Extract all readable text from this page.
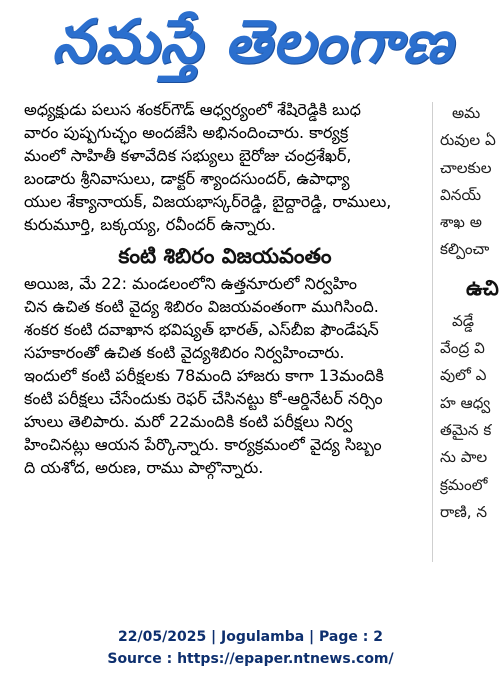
నమస్తే తెలంగాణ
అధ్యక్షుడు పలుస శంకర్‌గౌడ్ ఆధ్వర్యంలో శేషిరెడ్డికి బుధ
వారం పుష్పగుచ్ఛం అందజేసి అభినందించారు. కార్యక్ర
మంలో సాహితీ కళావేదిక సభ్యులు బైరోజు చంద్రశేఖర్,
బండారు శ్రీనివాసులు, డాక్టర్ శ్యాందసుందర్, ఉపాధ్యా
యుల శేక్యానాయక్, విజయభాస్కర్‌రెడ్డి, బైద్దారెడ్డి, రాములు,
కురుమూర్తి, బక్కయ్య, రవీందర్ ఉన్నారు.
కంటి శిబిరం విజయవంతం
అయిజ, మే 22: మండలంలోని ఉత్తనూరులో నిర్వహిం
చిన ఉచిత కంటి వైద్య శిబిరం విజయవంతంగా ముగిసింది.
శంకర కంటి దవాఖాన భవిష్యత్ భారత్, ఎస్‌బీఐ ఫౌండేషన్
సహకారంతో ఉచిత కంటి వైద్యశిబిరం నిర్వహించారు.
ఇందులో కంటి పరీక్షలకు 78మంది హాజరు కాగా 13మందికి
కంటి పరీక్షలు చేసేందుకు రెఫర్ చేసినట్టు కో-ఆర్డినేటర్ నర్సిం
హులు తెలిపారు. మరో 22మందికి కంటి పరీక్షలు నిర్వ
హించినట్లు ఆయన పేర్కొన్నారు. కార్యక్రమంలో వైద్య సిబ్బం
ది యశోద, అరుణ, రాము పాల్గొన్నారు.
అమ
రువుల ఏ
చాలకుల
వినయ్
శాఖ అ
కల్పించా
ఉచి
వడ్డే
వేంద్ర వి
వులో ఎ
హ ఆధ్వ
తమైన క
ను పాల
క్రమంలో
రాణి, న
22/05/2025 | Jogulamba | Page : 2
Source : https://epaper.ntnews.com/
